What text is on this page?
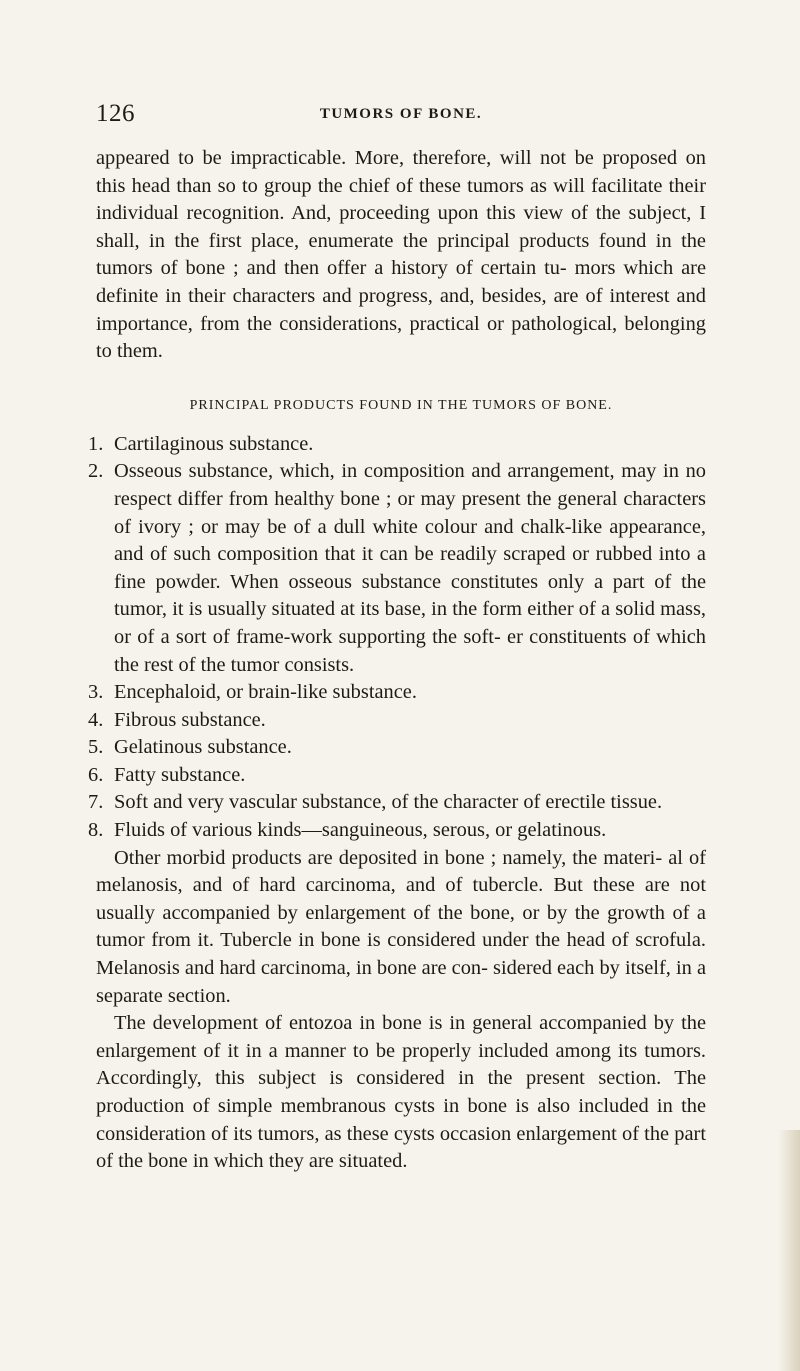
126	TUMORS OF BONE.

appeared to be impracticable. More, therefore, will not be proposed on this head than so to group the chief of these tumors as will facilitate their individual recognition. And, proceeding upon this view of the subject, I shall, in the first place, enumerate the principal products found in the tumors of bone ; and then offer a history of certain tu- mors which are definite in their characters and progress, and, besides, are of interest and importance, from the considerations, practical or pathological, belonging to them.

PRINCIPAL PRODUCTS FOUND IN THE TUMORS OF BONE.
1. Cartilaginous substance.
2. Osseous substance, which, in composition and arrangement, may in no respect differ from healthy bone ; or may present the general characters of ivory ; or may be of a dull white colour and chalk-like appearance, and of such composition that it can be readily scraped or rubbed into a fine powder. When osseous substance constitutes only a part of the tumor, it is usually situated at its base, in the form either of a solid mass, or of a sort of frame-work supporting the soft- er constituents of which the rest of the tumor consists.
3. Encephaloid, or brain-like substance.
4. Fibrous substance.
5. Gelatinous substance.
6. Fatty substance.
7. Soft and very vascular substance, of the character of erectile tissue.
8. Fluids of various kinds—sanguineous, serous, or gelatinous.

Other morbid products are deposited in bone ; namely, the materi- al of melanosis, and of hard carcinoma, and of tubercle. But these are not usually accompanied by enlargement of the bone, or by the growth of a tumor from it. Tubercle in bone is considered under the head of scrofula. Melanosis and hard carcinoma, in bone are con- sidered each by itself, in a separate section.

The development of entozoa in bone is in general accompanied by the enlargement of it in a manner to be properly included among its tumors. Accordingly, this subject is considered in the present section. The production of simple membranous cysts in bone is also included in the consideration of its tumors, as these cysts occasion enlargement of the part of the bone in which they are situated.
